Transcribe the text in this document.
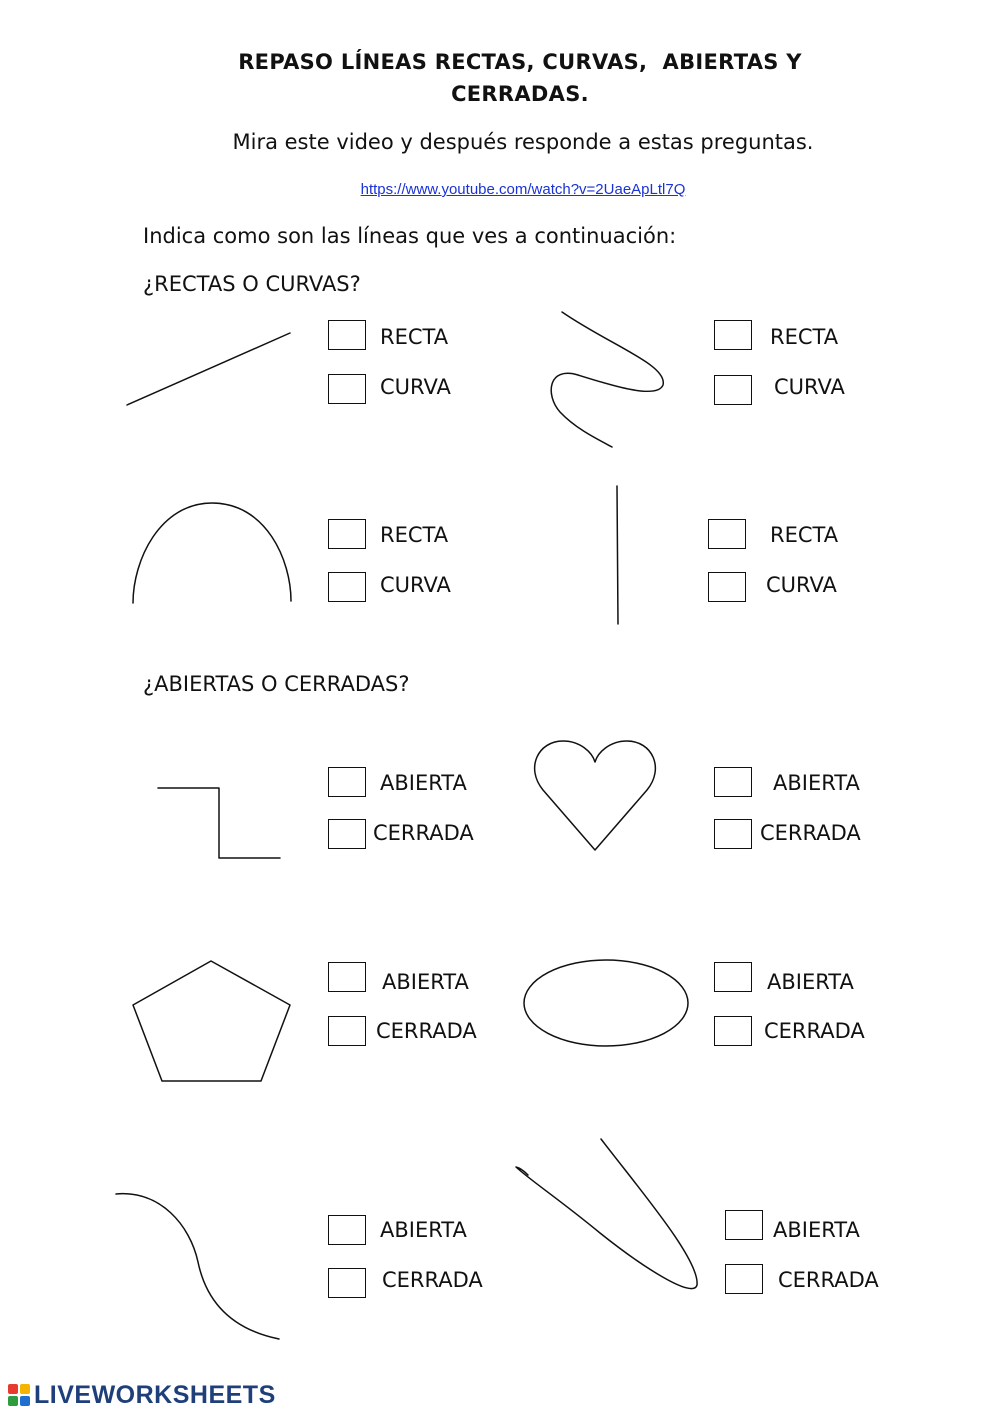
REPASO LÍNEAS RECTAS, CURVAS,  ABIERTAS Y
CERRADAS.
Mira este video y después responde a estas preguntas.
https://www.youtube.com/watch?v=2UaeApLtl7Q
Indica como son las líneas que ves a continuación:
¿RECTAS O CURVAS?
RECTA
CURVA
RECTA
CURVA
RECTA
CURVA
RECTA
CURVA
¿ABIERTAS O CERRADAS?
ABIERTA
CERRADA
ABIERTA
CERRADA
ABIERTA
CERRADA
ABIERTA
CERRADA
ABIERTA
CERRADA
ABIERTA
CERRADA
LIVEWORKSHEETS
